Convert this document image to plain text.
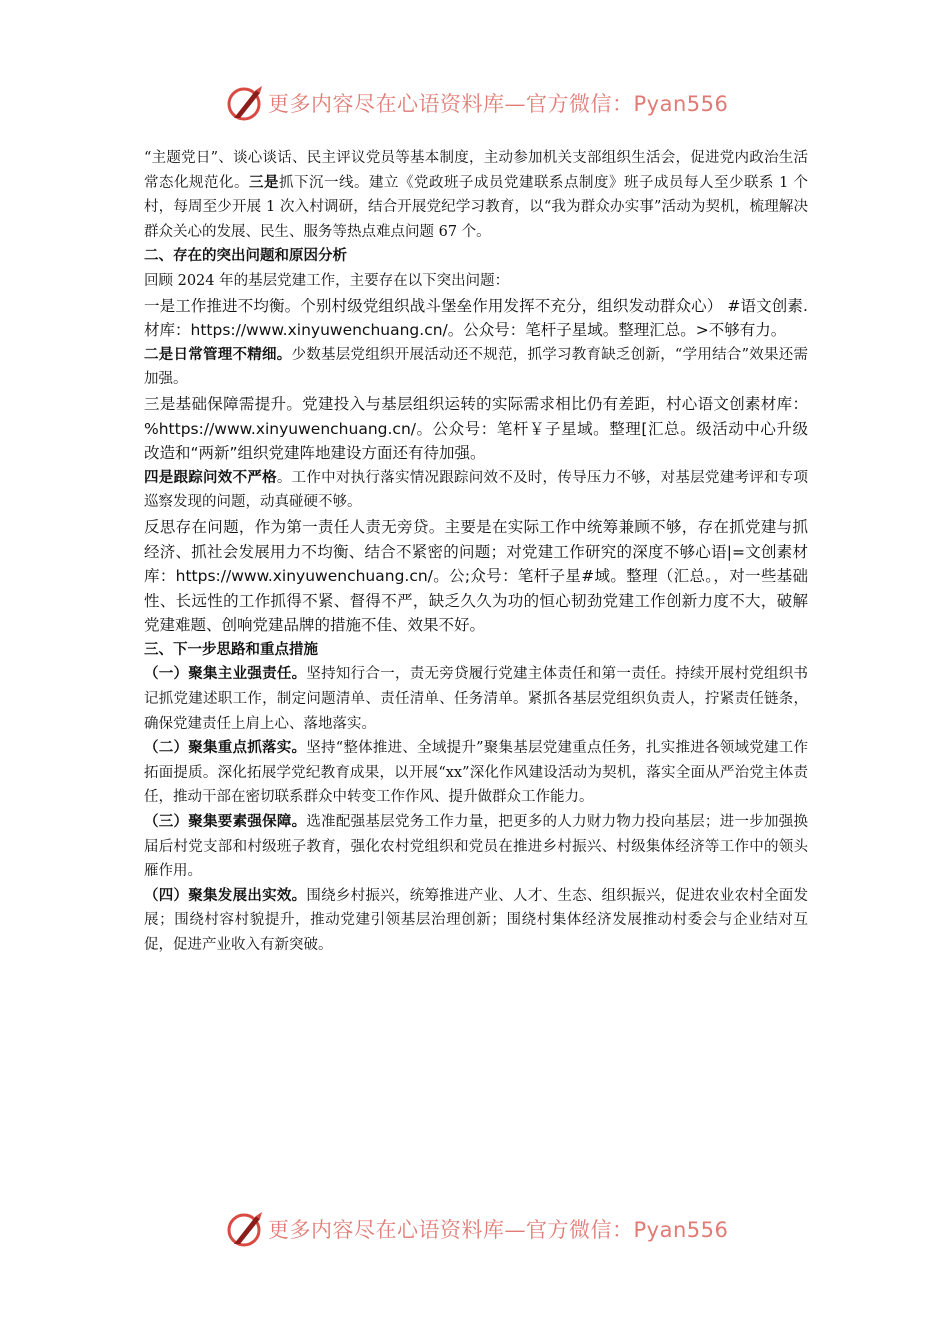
更多内容尽在心语资料库—官方微信：Pyan556

“主题党日”、谈心谈话、民主评议党员等基本制度，主动参加机关支部组织生活会，促进党内政治生活常态化规范化。三是抓下沉一线。建立《党政班子成员党建联系点制度》班子成员每人至少联系 1 个村，每周至少开展 1 次入村调研，结合开展党纪学习教育，以“我为群众办实事”活动为契机，梳理解决群众关心的发展、民生、服务等热点难点问题 67 个。

二、存在的突出问题和原因分析

回顾 2024 年的基层党建工作，主要存在以下突出问题：

一是工作推进不均衡。个别村级党组织战斗堡垒作用发挥不充分，组织发动群众心） #语文创素.材库：https://www.xinyuwenchuang.cn/。公众号：笔杆子星域。整理汇总。>不够有力。

二是日常管理不精细。少数基层党组织开展活动还不规范，抓学习教育缺乏创新，“学用结合”效果还需加强。

三是基础保障需提升。党建投入与基层组织运转的实际需求相比仍有差距，村心语文创素材库：%https://www.xinyuwenchuang.cn/。公众号：笔杆￥子星域。整理[汇总。级活动中心升级改造和“两新”组织党建阵地建设方面还有待加强。

四是跟踪问效不严格。工作中对执行落实情况跟踪问效不及时，传导压力不够，对基层党建考评和专项巡察发现的问题，动真碰硬不够。

反思存在问题，作为第一责任人责无旁贷。主要是在实际工作中统筹兼顾不够，存在抓党建与抓经济、抓社会发展用力不均衡、结合不紧密的问题；对党建工作研究的深度不够心语|=文创素材库：https://www.xinyuwenchuang.cn/。公;众号：笔杆子星#域。整理（汇总。，对一些基础性、长远性的工作抓得不紧、督得不严，缺乏久久为功的恒心韧劲党建工作创新力度不大，破解党建难题、创响党建品牌的措施不佳、效果不好。

三、下一步思路和重点措施

（一）聚集主业强责任。坚持知行合一，责无旁贷履行党建主体责任和第一责任。持续开展村党组织书记抓党建述职工作，制定问题清单、责任清单、任务清单。紧抓各基层党组织负责人，拧紧责任链条，确保党建责任上肩上心、落地落实。

（二）聚集重点抓落实。坚持“整体推进、全域提升”聚集基层党建重点任务，扎实推进各领域党建工作拓面提质。深化拓展学党纪教育成果，以开展“xx”深化作风建设活动为契机，落实全面从严治党主体责任，推动干部在密切联系群众中转变工作作风、提升做群众工作能力。

（三）聚集要素强保障。选准配强基层党务工作力量，把更多的人力财力物力投向基层；进一步加强换届后村党支部和村级班子教育，强化农村党组织和党员在推进乡村振兴、村级集体经济等工作中的领头雁作用。

（四）聚集发展出实效。围绕乡村振兴，统筹推进产业、人才、生态、组织振兴，促进农业农村全面发展；围绕村容村貌提升，推动党建引领基层治理创新；围绕村集体经济发展推动村委会与企业结对互促，促进产业收入有新突破。

更多内容尽在心语资料库—官方微信：Pyan556
